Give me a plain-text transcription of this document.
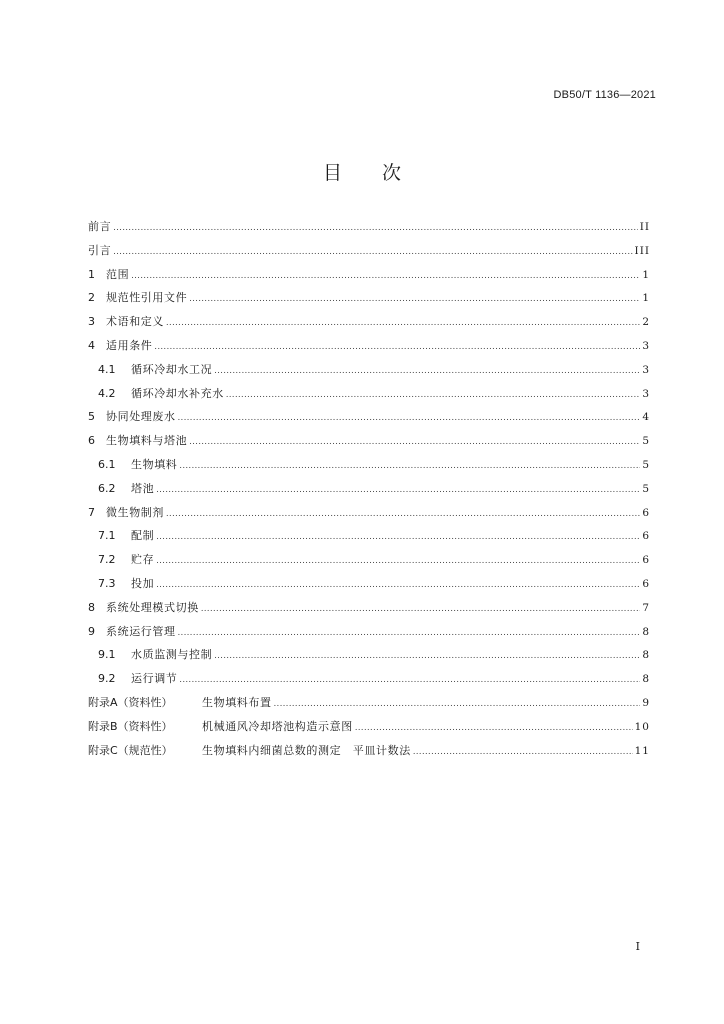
DB50/T 1136—2021
目次
前言 .....	II
引言 .....	III
1	范围 .....	1
2	规范性引用文件 .....	1
3	术语和定义 .....	2
4	适用条件 .....	3
4.1	循环冷却水工况 .....	3
4.2	循环冷却水补充水 .....	3
5	协同处理废水 .....	4
6	生物填料与塔池 .....	5
6.1	生物填料 .....	5
6.2	塔池 .....	5
7	微生物制剂 .....	6
7.1	配制 .....	6
7.2	贮存 .....	6
7.3	投加 .....	6
8	系统处理模式切换 .....	7
9	系统运行管理 .....	8
9.1	水质监测与控制 .....	8
9.2	运行调节 .....	8
附录A（资料性）	生物填料布置 .....	9
附录B（资料性）	机械通风冷却塔池构造示意图 .....	10
附录C（规范性）	生物填料内细菌总数的测定　平皿计数法 .....	11
I
